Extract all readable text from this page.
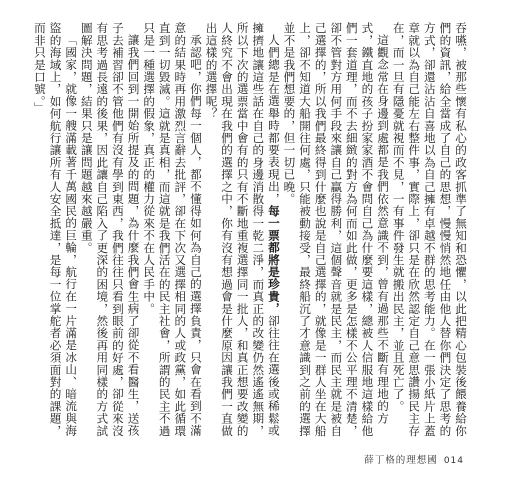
吞嚥，被那些懷有私心的政客抓準了無知和恐懼，以此把精心包裝後餵養給你們的資訊，給全當成了自己的思想，慢慢悄然地任由他人替你們決定了思考的方式，卻還沾沾自喜地以為自己擁有卓越不群的思考能力。在一張小紙片上蓋章就以為自己能左右整件事，實際上，卻只是在欣然認定自己意思讚揚民主存在，而一旦有隱憂就視而不見，一有事件發生就搬出民主，並且死亡了。

這觀念常在身邊到處都是我們依然意識不到，曾有過那些不斷有理地的方式，鐵直地的孩子扮家家酒不會問自己為什麼要這樣，總被人信服地這樣給他們一套道理，而不去細緻的對方為何而如此做，更多是怎樣不公平理不清楚，卻不管對方用何手段來讓自己贏得勝利，這個聲音就是民主，而民主就是被自己選擇的，所以我們最終得到什麼也說是自己選擇的，就像是一群人坐在大船上，卻不知道大船開往何處，只能被動接受，最終船沉了才意識到之前的選擇並不是我們想要的，但一切已晚。

人們總是在選舉時都要表現出，每一票都將是珍貴，卻往往在選後或稀鬆或擁擠地讓這些話在自己的身邊消散得一乾二淨，而真正的改變仍然遙遙無期，所以下次的選票當中會有的只有不斷地重複選擇同一批人，和真正想要改變的人終究不會出現在我們的選擇之中，你有沒有想過會是什麼原因讓我們一直做出這樣的選擇呢？

承認吧，你們每一個人，都不懂得如何為自己的選擇負責，只會在看到不滿意的結果時再用激烈言辭去批評，卻在下次又選擇相同的人或政黨，如此循環直到一切毀滅。這就是真相，而這就是我們活在的民主社會，所謂的民主不過只是一種選擇的假象，真正的權力從來不在人民手中。

讓我們回到一開始所提及的問題，為什麼我們會生病了卻從不看醫生，送孩子去補習卻不管他們有沒有學到東西，我們往往只看到眼前的好處，卻從來沒有思考過長遠的後果，因此讓自己陷入了更深的困境，然後再用同樣的方式試圖解決問題，結果只是讓問題越來越嚴重。

「國家，就像一艘滿載著千萬國民的巨輪，航行在一片滿是冰山、暗流與海盜的海域上，如何航行讓所有人安全抵達，是每一位掌舵者必須面對的課題，而非只是口號。」

薛丁格的理想國 014
